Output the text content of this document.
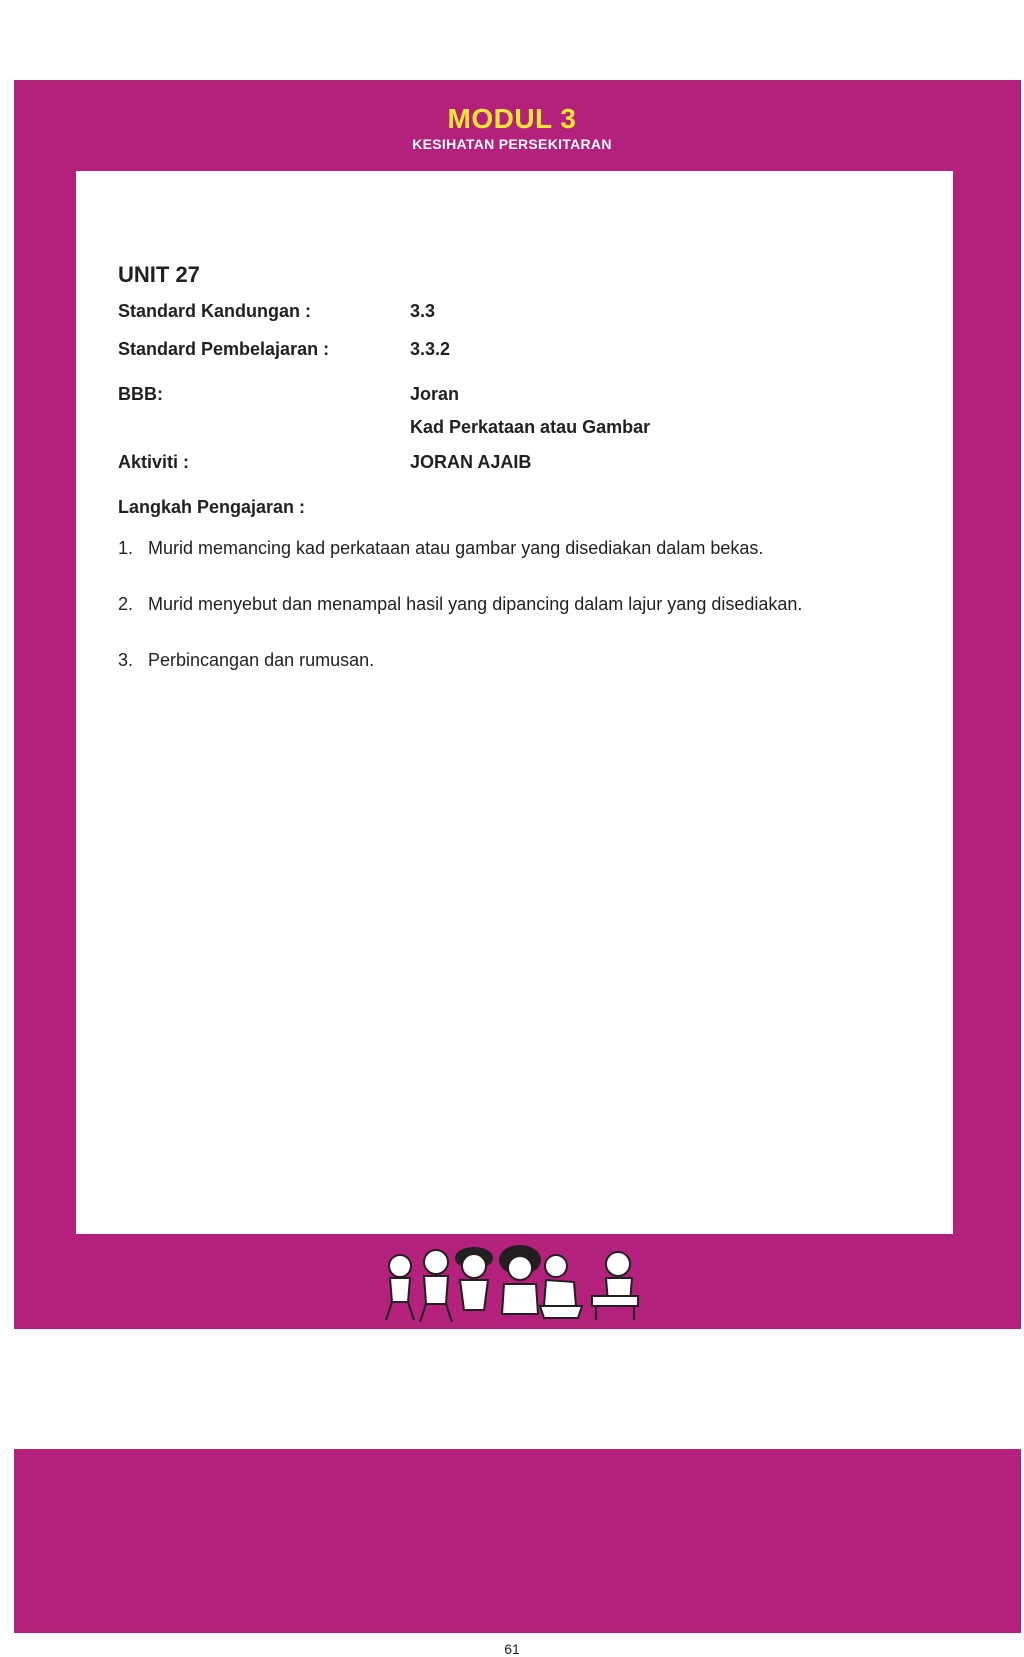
MODUL 3
KESIHATAN PERSEKITARAN
UNIT 27
Standard Kandungan :	3.3
Standard Pembelajaran :	3.3.2
BBB:	Joran
Kad Perkataan atau Gambar
Aktiviti :	JORAN AJAIB
Langkah Pengajaran :
1. Murid memancing kad perkataan atau gambar yang disediakan dalam bekas.
2. Murid menyebut dan menampal hasil yang dipancing dalam lajur yang disediakan.
3. Perbincangan dan rumusan.
61
